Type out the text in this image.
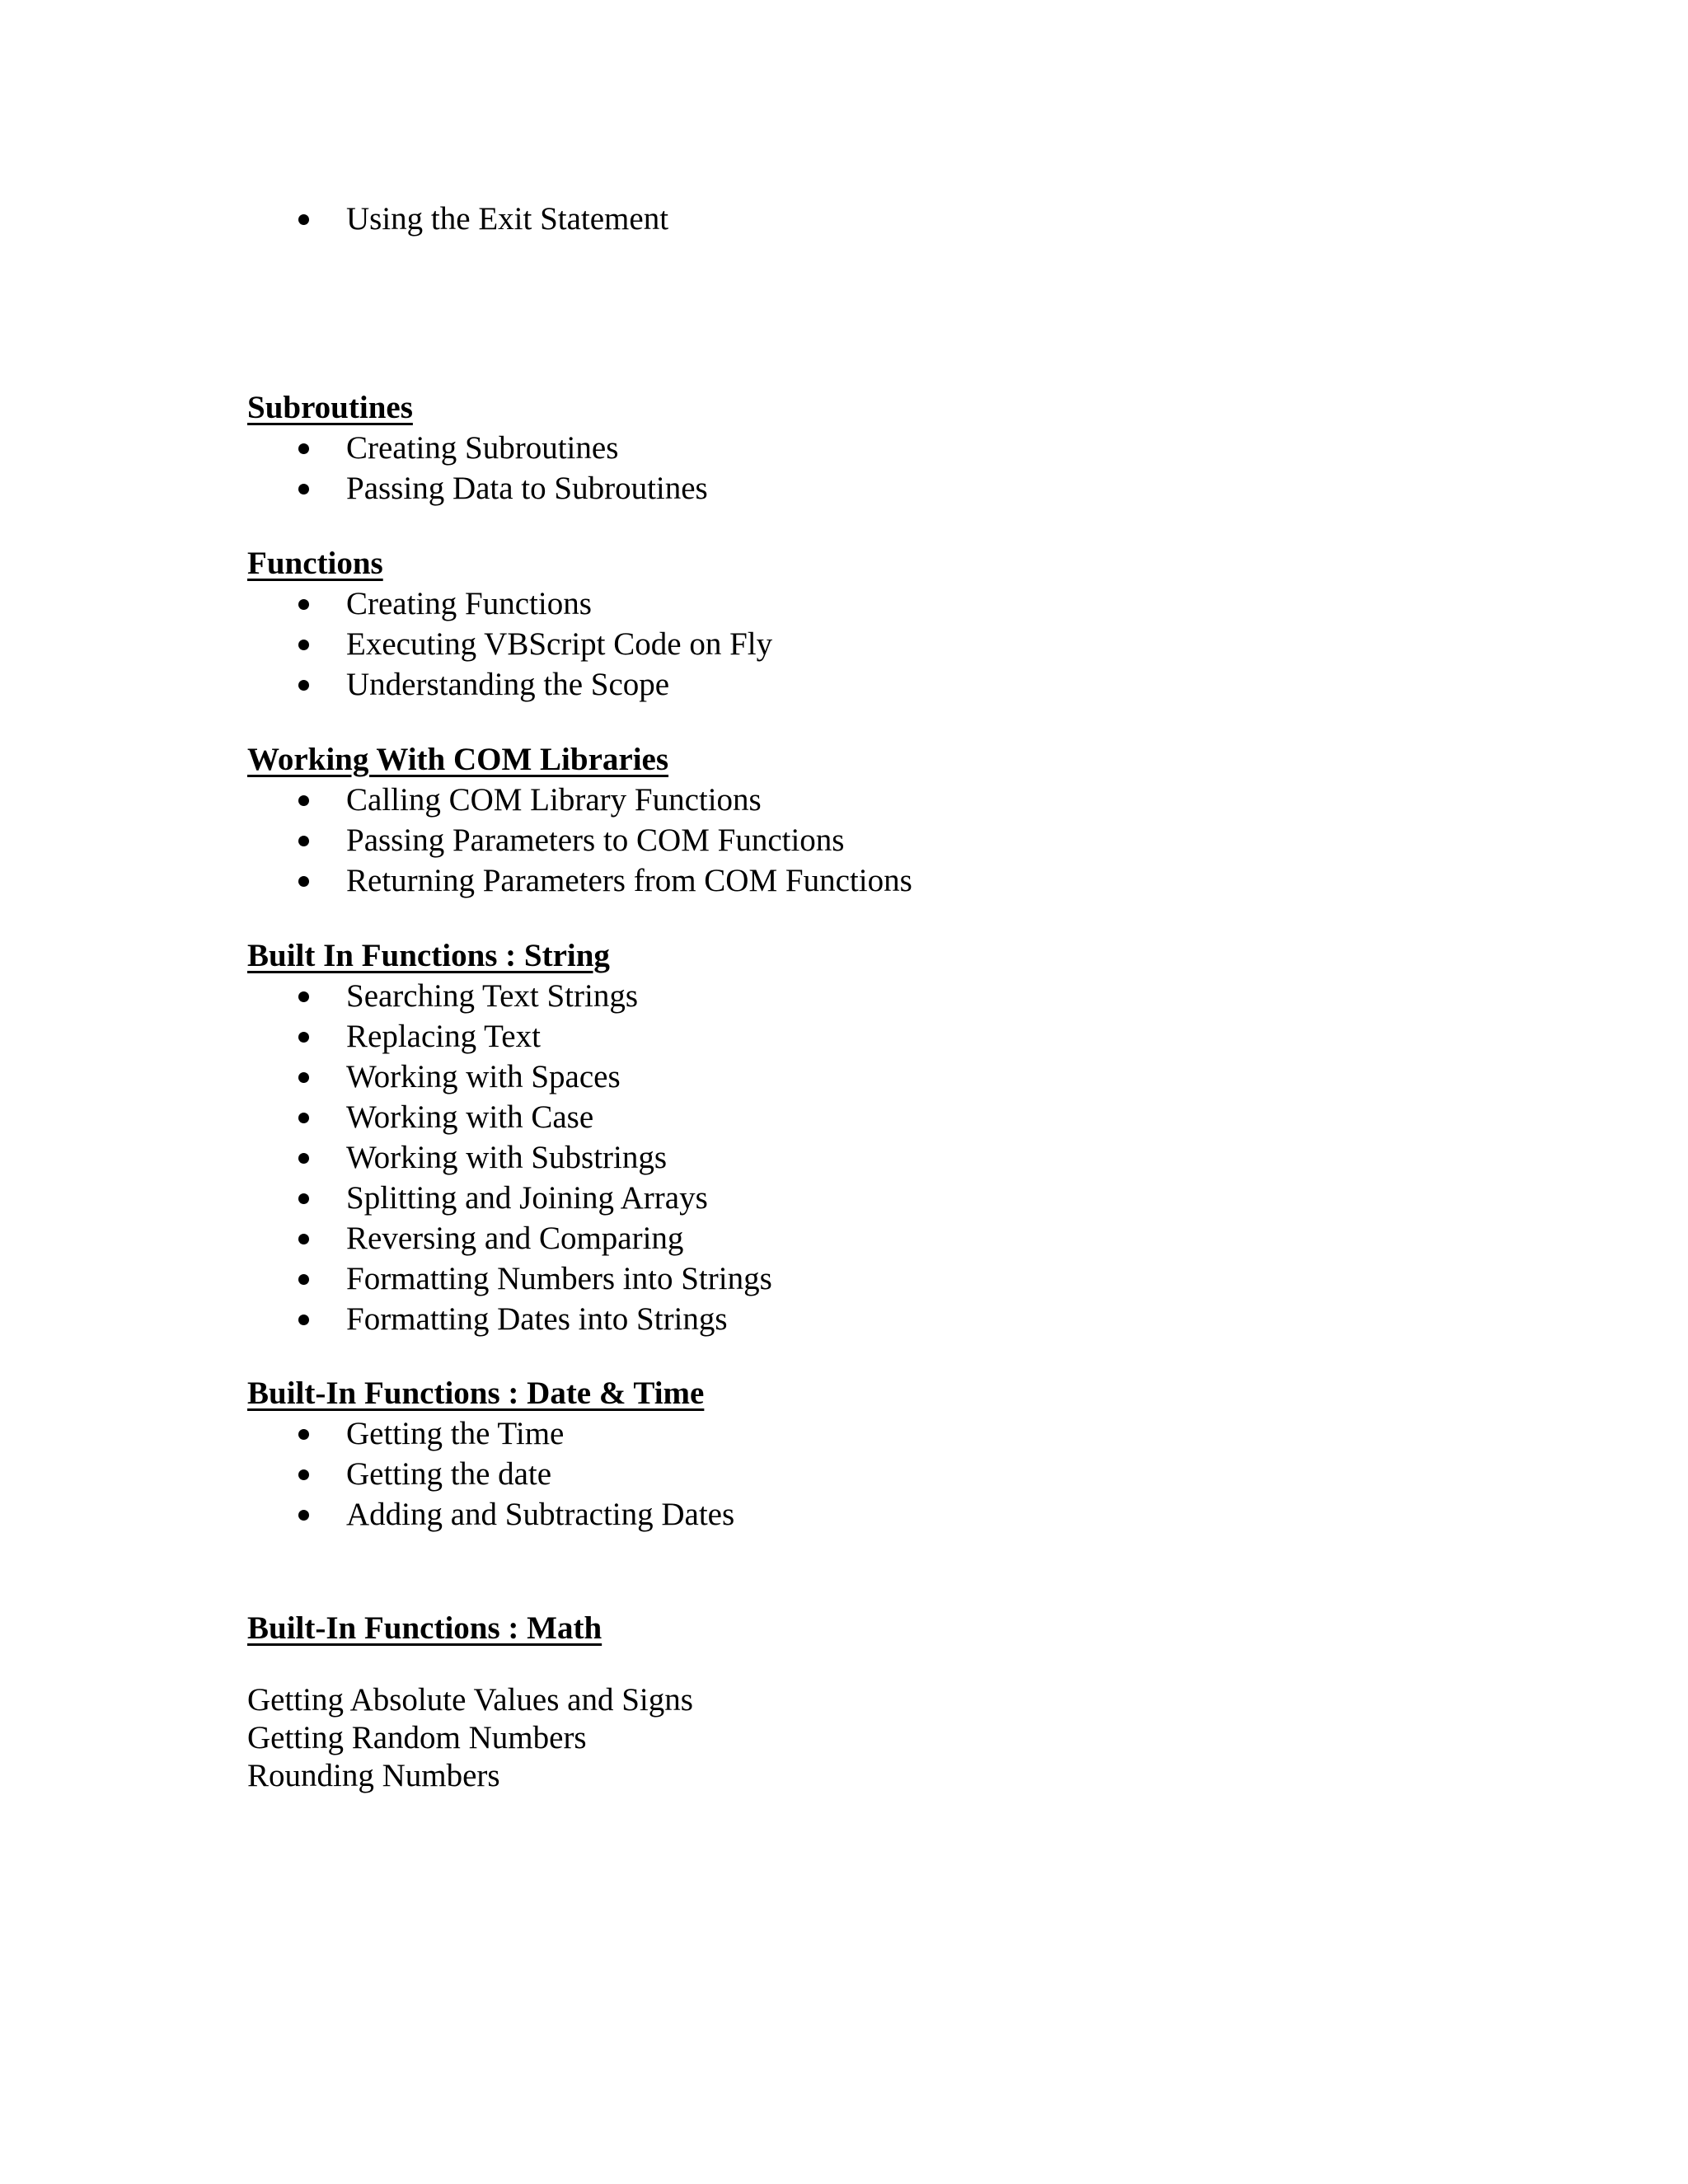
Using the Exit Statement
Subroutines
Creating Subroutines
Passing Data to Subroutines
Functions
Creating Functions
Executing VBScript Code on Fly
Understanding the Scope
Working With COM Libraries
Calling COM Library Functions
Passing Parameters to COM Functions
Returning Parameters from COM Functions
Built In Functions : String
Searching Text Strings
Replacing Text
Working with Spaces
Working with Case
Working with Substrings
Splitting and Joining Arrays
Reversing and Comparing
Formatting Numbers into Strings
Formatting Dates into Strings
Built-In Functions : Date & Time
Getting the Time
Getting the date
Adding and Subtracting Dates
Built-In Functions : Math
Getting Absolute Values and Signs
Getting Random Numbers
Rounding Numbers
